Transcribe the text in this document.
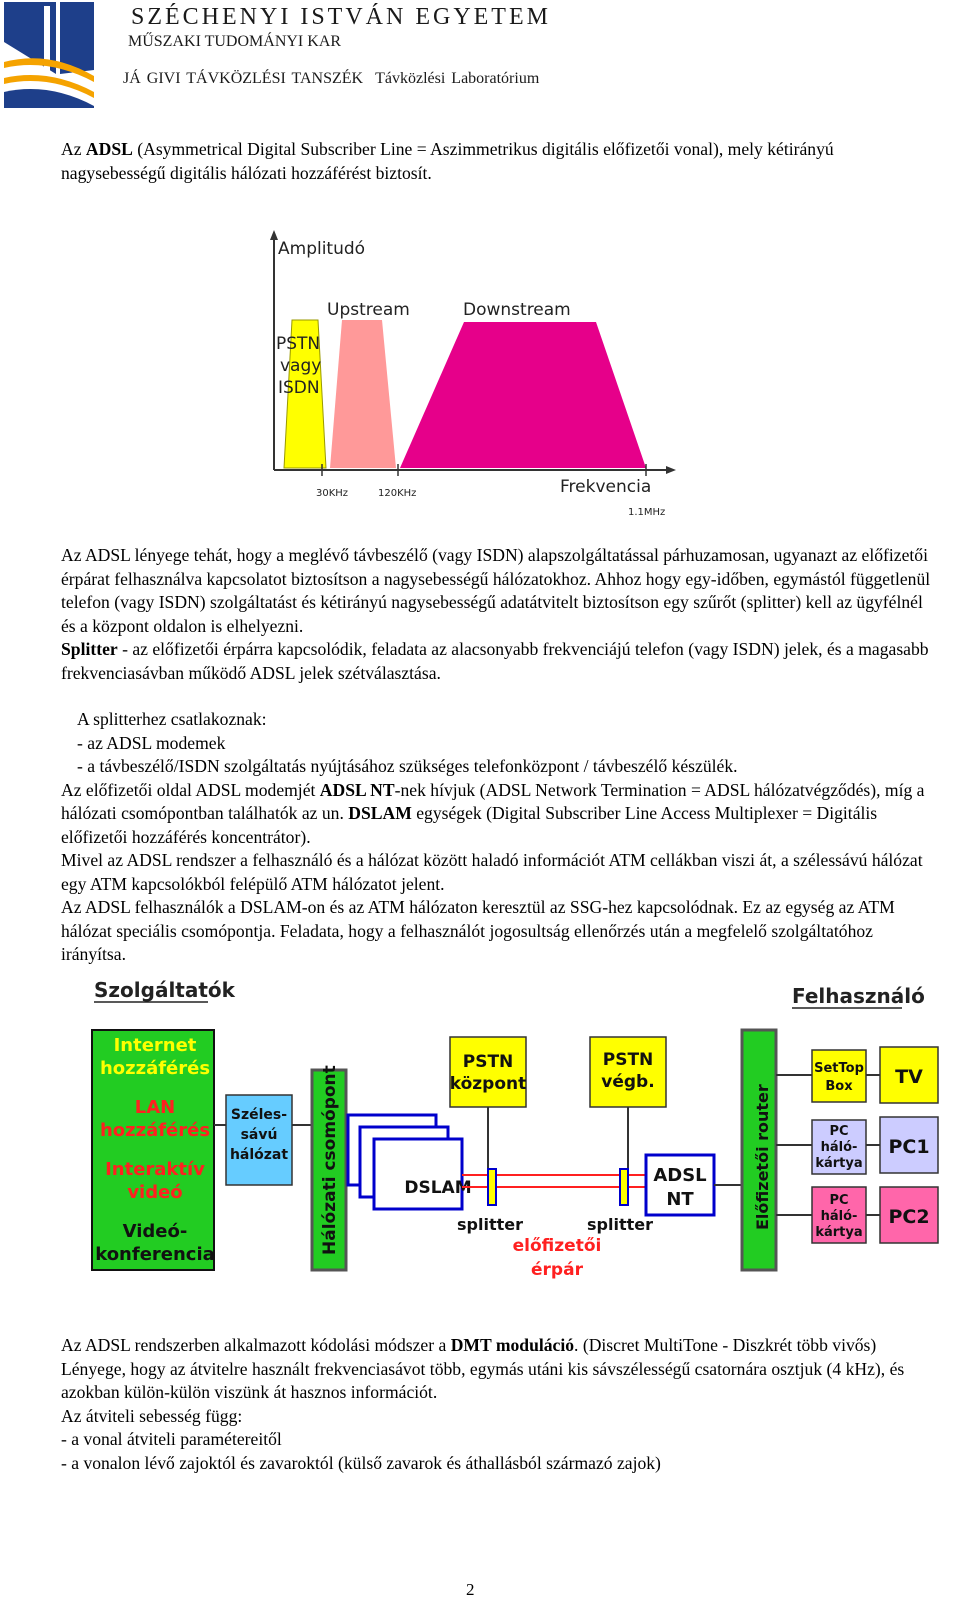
SZÉCHENYI ISTVÁN EGYETEM
MŰSZAKI TUDOMÁNYI KAR
JÁ GIVI TÁVKÖZLÉSI TANSZÉK Távközlési Laboratórium

Az ADSL (Asymmetrical Digital Subscriber Line = Aszimmetrikus digitális előfizetői vonal), mely kétirányú nagysebességű digitális hálózati hozzáférést biztosít.

Amplitudó
PSTN
vagy
ISDN
Upstream	Downstream
Frekvencia
30KHz	120KHz
1.1MHz

Az ADSL lényege tehát, hogy a meglévő távbeszélő (vagy ISDN) alapszolgáltatással párhuzamosan, ugyanazt az előfizetői érpárat felhasználva kapcsolatot biztosítson a nagysebességű hálózatokhoz. Ahhoz hogy egy-időben, egymástól függetlenül telefon (vagy ISDN) szolgáltatást és kétirányú nagysebességű adatátvitelt biztosítson egy szűrőt (splitter) kell az ügyfélnél és a központ oldalon is elhelyezni.

Splitter - az előfizetői érpárra kapcsolódik, feladata az alacsonyabb frekvenciájú telefon (vagy ISDN) jelek, és a magasabb frekvenciasávban működő ADSL jelek szétválasztása.

A splitterhez csatlakoznak:

- az ADSL modemek

- a távbeszélő/ISDN szolgáltatás nyújtásához szükséges telefonközpont / távbeszélő készülék.

Az előfizetői oldal ADSL modemjét ADSL NT-nek hívjuk (ADSL Network Termination = ADSL hálózatvégződés), míg a hálózati csomópontban találhatók az un. DSLAM egységek (Digital Subscriber Line Access Multiplexer = Digitális előfizetői hozzáférés koncentrátor).

Mivel az ADSL rendszer a felhasználó és a hálózat között haladó információt ATM cellákban viszi át, a szélessávú hálózat egy ATM kapcsolókból felépülő ATM hálózatot jelent.

Az ADSL felhasználók a DSLAM-on és az ATM hálózaton keresztül az SSG-hez kapcsolódnak. Ez az egység az ATM hálózat speciális csomópontja. Feladata, hogy a felhasználót jogosultság ellenőrzés után a megfelelő szolgáltatóhoz irányítsa.

Szolgáltatók	Felhasználó
Internet
hozzáférés
LAN
hozzáférés
Interaktív
videó
Videó-
konferencia
Széles-
sávú
hálózat Hálózati csomópont
PSTN
központ
PSTN
végb.
DSLAM
splitter	splitter
előfizetői
érpár
ADSL
NT	Előfizetői router
SetTop
Box
PC
háló-
kártya
PC
háló-
kártya
TV
PC1
PC2

Az ADSL rendszerben alkalmazott kódolási módszer a DMT moduláció. (Discret MultiTone - Diszkrét több vivős) Lényege, hogy az átvitelre használt frekvenciasávot több, egymás utáni kis sávszélességű csatornára osztjuk (4 kHz), és azokban külön-külön viszünk át hasznos információt.

Az átviteli sebesség függ:

- a vonal átviteli paramétereitől

- a vonalon lévő zajoktól és zavaroktól (külső zavarok és áthallásból származó zajok)

2
